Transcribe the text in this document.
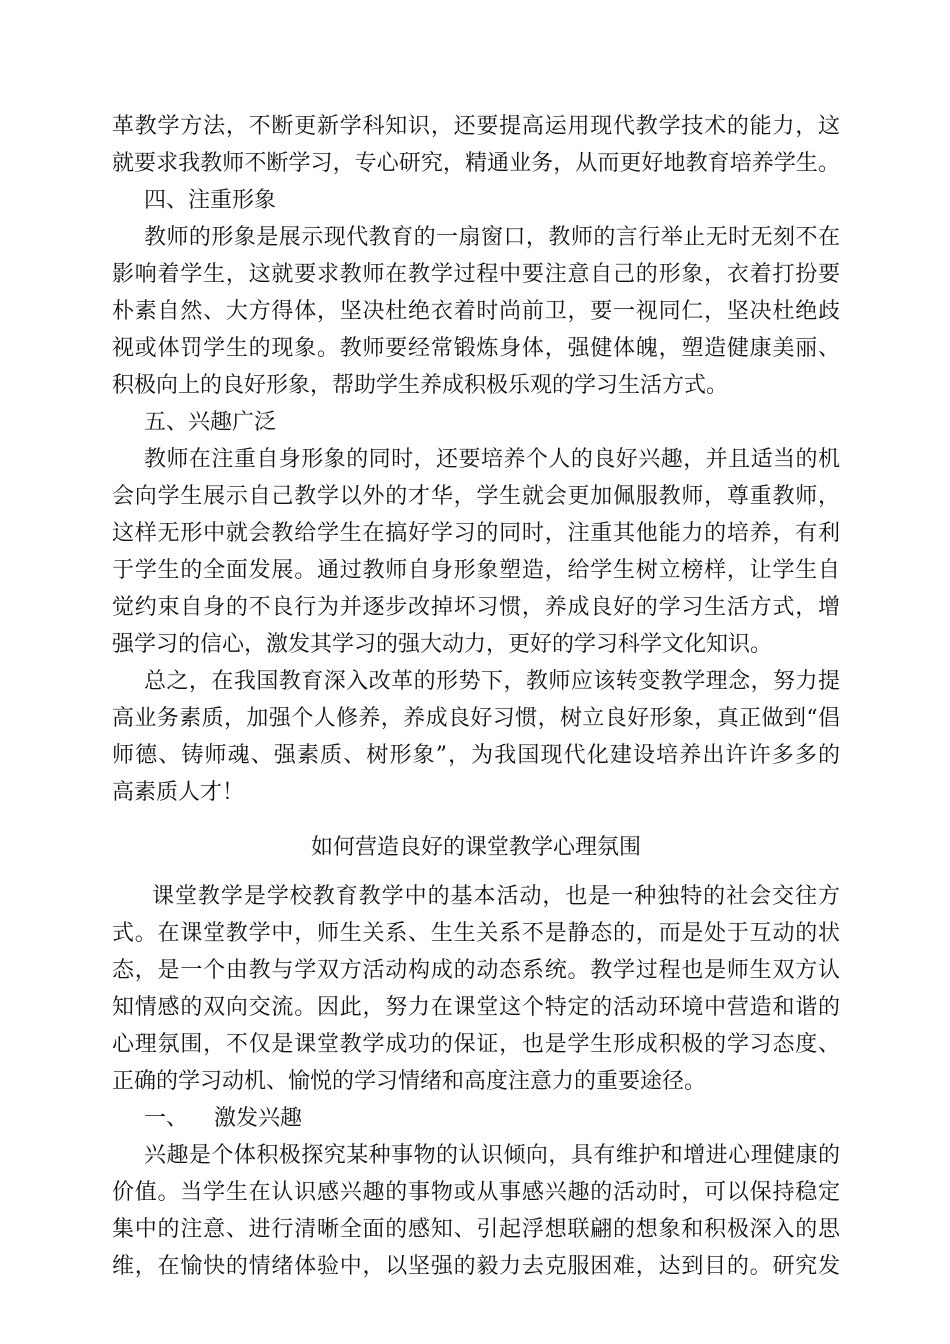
革教学方法，不断更新学科知识，还要提高运用现代教学技术的能力，这
就要求我教师不断学习，专心研究，精通业务，从而更好地教育培养学生。
四、注重形象
教师的形象是展示现代教育的一扇窗口，教师的言行举止无时无刻不在
影响着学生，这就要求教师在教学过程中要注意自己的形象，衣着打扮要
朴素自然、大方得体，坚决杜绝衣着时尚前卫，要一视同仁，坚决杜绝歧
视或体罚学生的现象。教师要经常锻炼身体，强健体魄，塑造健康美丽、
积极向上的良好形象，帮助学生养成积极乐观的学习生活方式。
五、兴趣广泛
教师在注重自身形象的同时，还要培养个人的良好兴趣，并且适当的机
会向学生展示自己教学以外的才华，学生就会更加佩服教师，尊重教师，
这样无形中就会教给学生在搞好学习的同时，注重其他能力的培养，有利
于学生的全面发展。通过教师自身形象塑造，给学生树立榜样，让学生自
觉约束自身的不良行为并逐步改掉坏习惯，养成良好的学习生活方式，增
强学习的信心，激发其学习的强大动力，更好的学习科学文化知识。
总之，在我国教育深入改革的形势下，教师应该转变教学理念，努力提
高业务素质，加强个人修养，养成良好习惯，树立良好形象，真正做到“倡
师德、铸师魂、强素质、树形象”，为我国现代化建设培养出许许多多的
高素质人才！
如何营造良好的课堂教学心理氛围
课堂教学是学校教育教学中的基本活动，也是一种独特的社会交往方
式。在课堂教学中，师生关系、生生关系不是静态的，而是处于互动的状
态，是一个由教与学双方活动构成的动态系统。教学过程也是师生双方认
知情感的双向交流。因此，努力在课堂这个特定的活动环境中营造和谐的
心理氛围，不仅是课堂教学成功的保证，也是学生形成积极的学习态度、
正确的学习动机、愉悦的学习情绪和高度注意力的重要途径。
一、 激发兴趣
兴趣是个体积极探究某种事物的认识倾向，具有维护和增进心理健康的
价值。当学生在认识感兴趣的事物或从事感兴趣的活动时，可以保持稳定
集中的注意、进行清晰全面的感知、引起浮想联翩的想象和积极深入的思
维，在愉快的情绪体验中，以坚强的毅力去克服困难，达到目的。研究发
